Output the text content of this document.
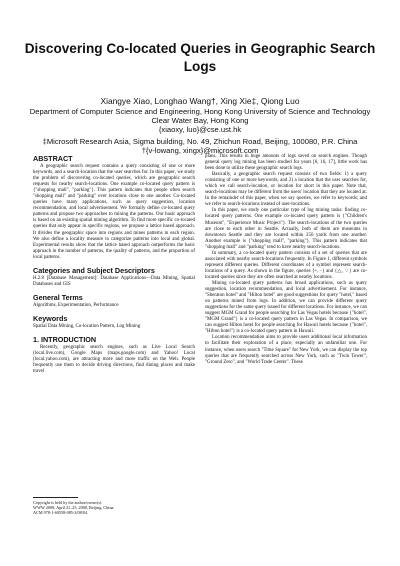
Discovering Co-located Queries in Geographic Search Logs
Xiangye Xiao, Longhao Wang†, Xing Xie‡, Qiong Luo
Department of Computer Science and Engineering, Hong Kong University of Science and Technology
Clear Water Bay, Hong Kong
{xiaoxy, luo}@cse.ust.hk
‡Microsoft Research Asia, Sigma building, No. 49, Zhichun Road, Beijing, 100080, P.R. China
†{v-lowang, xingx}@microsoft.com
ABSTRACT

A geographic search request contains a query consisting of one or more keywords, and a search-location that the user searches for. In this paper, we study the problem of discovering co-located queries, which are geographic search requests for nearby search-locations. One example co-located query pattern is {"shopping mall", "parking"}. This pattern indicates that people often search "shopping mall" and "parking" over locations close to one another. Co-located queries have many applications, such as query suggestion, location recommendation, and local advertisement. We formally define co-located query patterns and propose two approaches to mining the patterns. Our basic approach is based on an existing spatial mining algorithm. To find more specific co-located queries that only appear in specific regions, we propose a lattice based approach. It divides the geographic space into regions and mines patterns in each region. We also define a locality measure to categorize patterns into local and global. Experimental results show that the lattice based approach outperforms the basic approach in the number of patterns, the quality of patterns, and the proportion of local patterns.

Categories and Subject Descriptors

H.2.8 [Database Management]: Database Applications—Data Mining, Spatial Databases and GIS

General Terms

Algorithms, Experimentation, Performance

Keywords

Spatial Data Mining, Co-location Pattern, Log Mining

1. INTRODUCTION

Recently, geographic search engines, such as Live Local Search (local.live.com), Google Maps (maps.google.com) and Yahoo! Local (local.yahoo.com), are attracting more and more traffic on the Web. People frequently use them to decide driving directions, find dining places and make travel

Copyright is held by the author/owner(s).
WWW 2008, April 21–25, 2008, Beijing, China.
ACM 978-1-60558-085-2/08/04.

plans. This results in huge amounts of logs saved on search engines. Though general query log mining has been studied for years [6, 16, 17], little work has been done to utilize these geographic search logs.

Basically, a geographic search request consists of two fields: 1) a query consisting of one or more keywords, and 2) a location that the user searches for, which we call search-location, or location for short in this paper. Note that, search-locations may be different from the users' location that they are located at. In the remainder of this paper, when we say queries, we refer to keywords; and we refer to search-locations instead of user-locations.

In this paper, we study one particular type of log mining tasks: finding co-located query patterns. One example co-located query pattern is {"Children's Museum", "Experience Music Project"}. The search-locations of the two queries are close to each other in Seattle. Actually, both of them are museums in downtown Seattle and they are located within 250 yards from one another. Another example is {"shopping mall", "parking"}. This pattern indicates that "shopping mall" and "parking" tend to have nearby search-locations.

In summary, a co-located query pattern consists of a set of queries that are associated with nearby search-locations frequently. In Figure 1, different symbols represent different queries. Different coordinates of a symbol represent search-locations of a query. As shown in the figure, queries {+, ◦} and {△, ♢} are co-located queries since they are often searched at nearby locations.

Mining co-located query patterns has broad applications, such as query suggestion, location recommendation, and local advertisement. For instance, "Sheraton hotel" and "Hilton hotel" are good suggestions for query "hotel," based on patterns mined from logs. In addition, we can provide different query suggestions for the same query issued for different locations. For instance, we can suggest MGM Grand for people searching for Las Vegas hotels because {"hotel", "MGM Grand"} is a co-located query pattern in Las Vegas. In comparison, we can suggest Hilton hotel for people searching for Hawaii hotels because {"hotel", "Hilton hotel"} is a co-located query pattern in Hawaii.

Location recommendation aims to provide users additional local information to facilitate their exploration of a place, especially an unfamiliar one. For instance, when users search "Time Square" for New York, we can display the top queries that are frequently searched across New York, such as "Twin Tower", "Ground Zero", and "World Trade Center". These
